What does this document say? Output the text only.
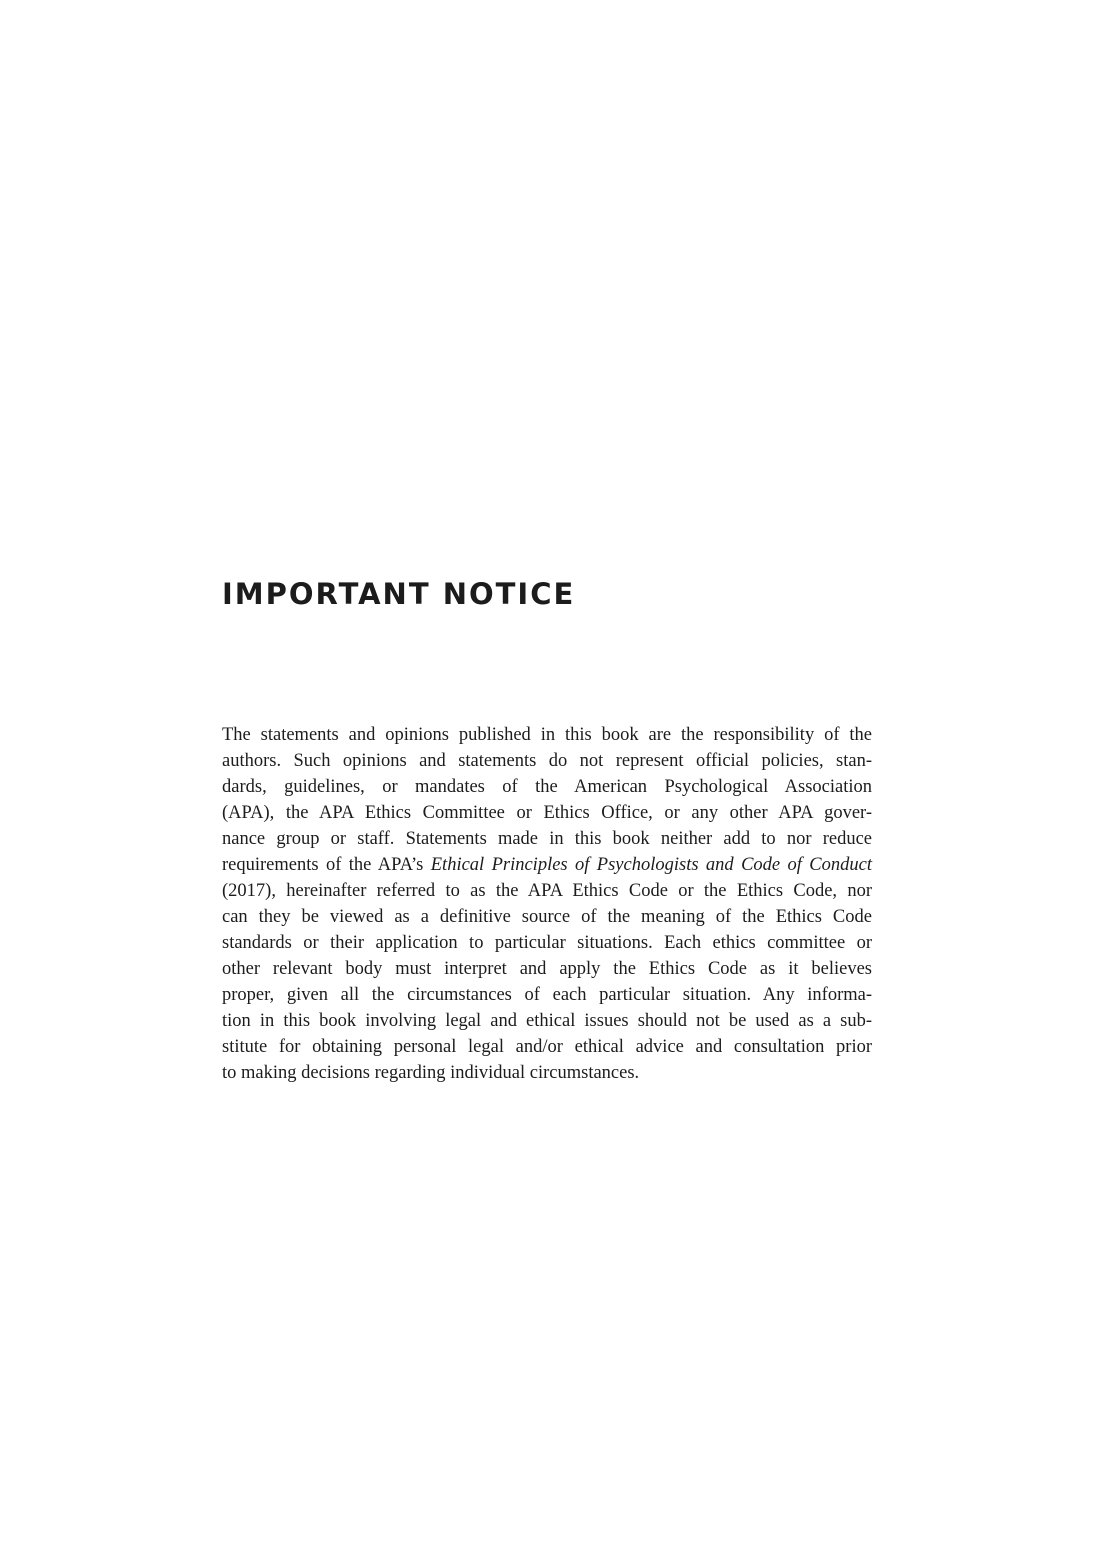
IMPORTANT NOTICE
The statements and opinions published in this book are the responsibility of the
authors. Such opinions and statements do not represent official policies, stan-
dards, guidelines, or mandates of the American Psychological Association
(APA), the APA Ethics Committee or Ethics Office, or any other APA gover-
nance group or staff. Statements made in this book neither add to nor reduce
requirements of the APA’s Ethical Principles of Psychologists and Code of Conduct
(2017), hereinafter referred to as the APA Ethics Code or the Ethics Code, nor
can they be viewed as a definitive source of the meaning of the Ethics Code
standards or their application to particular situations. Each ethics committee or
other relevant body must interpret and apply the Ethics Code as it believes
proper, given all the circumstances of each particular situation. Any informa-
tion in this book involving legal and ethical issues should not be used as a sub-
stitute for obtaining personal legal and/or ethical advice and consultation prior
to making decisions regarding individual circumstances.
